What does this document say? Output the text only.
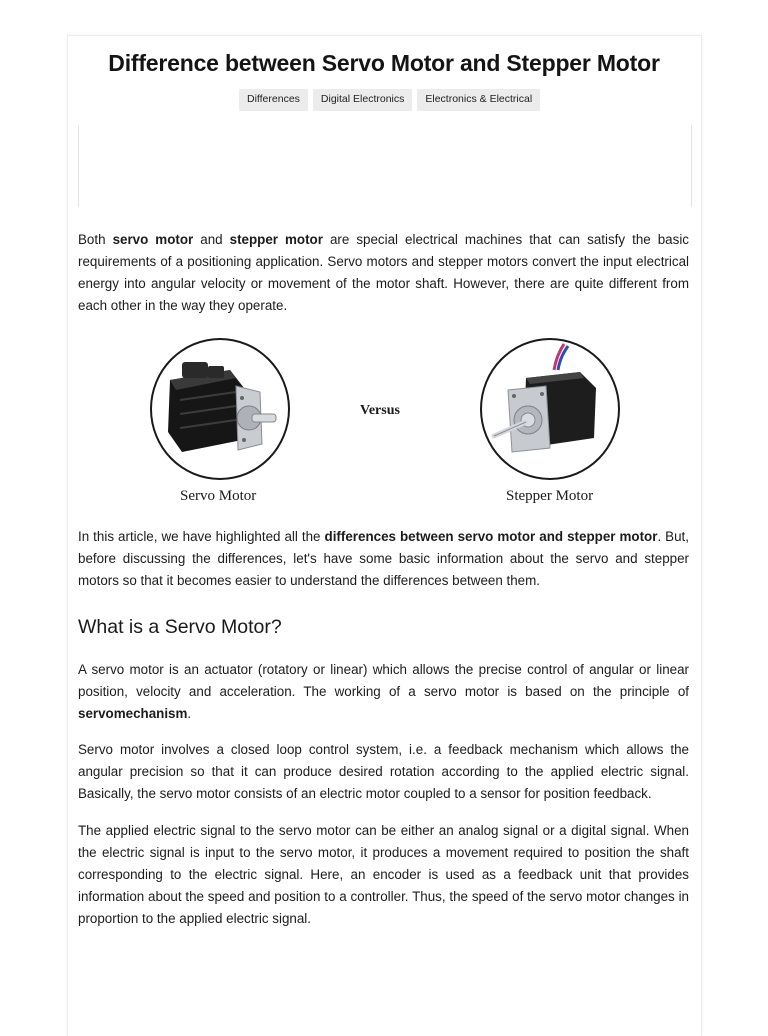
Difference between Servo Motor and Stepper Motor
Differences	Digital Electronics	Electronics & Electrical

Both servo motor and stepper motor are special electrical machines that can satisfy the basic requirements of a positioning application. Servo motors and stepper motors convert the input electrical energy into angular velocity or movement of the motor shaft. However, there are quite different from each other in the way they operate.

Versus
Servo Motor	Stepper Motor

In this article, we have highlighted all the differences between servo motor and stepper motor. But, before discussing the differences, let's have some basic information about the servo and stepper motors so that it becomes easier to understand the differences between them.

What is a Servo Motor?

A servo motor is an actuator (rotatory or linear) which allows the precise control of angular or linear position, velocity and acceleration. The working of a servo motor is based on the principle of servomechanism.

Servo motor involves a closed loop control system, i.e. a feedback mechanism which allows the angular precision so that it can produce desired rotation according to the applied electric signal. Basically, the servo motor consists of an electric motor coupled to a sensor for position feedback.

The applied electric signal to the servo motor can be either an analog signal or a digital signal. When the electric signal is input to the servo motor, it produces a movement required to position the shaft corresponding to the electric signal. Here, an encoder is used as a feedback unit that provides information about the speed and position to a controller. Thus, the speed of the servo motor changes in proportion to the applied electric signal.
